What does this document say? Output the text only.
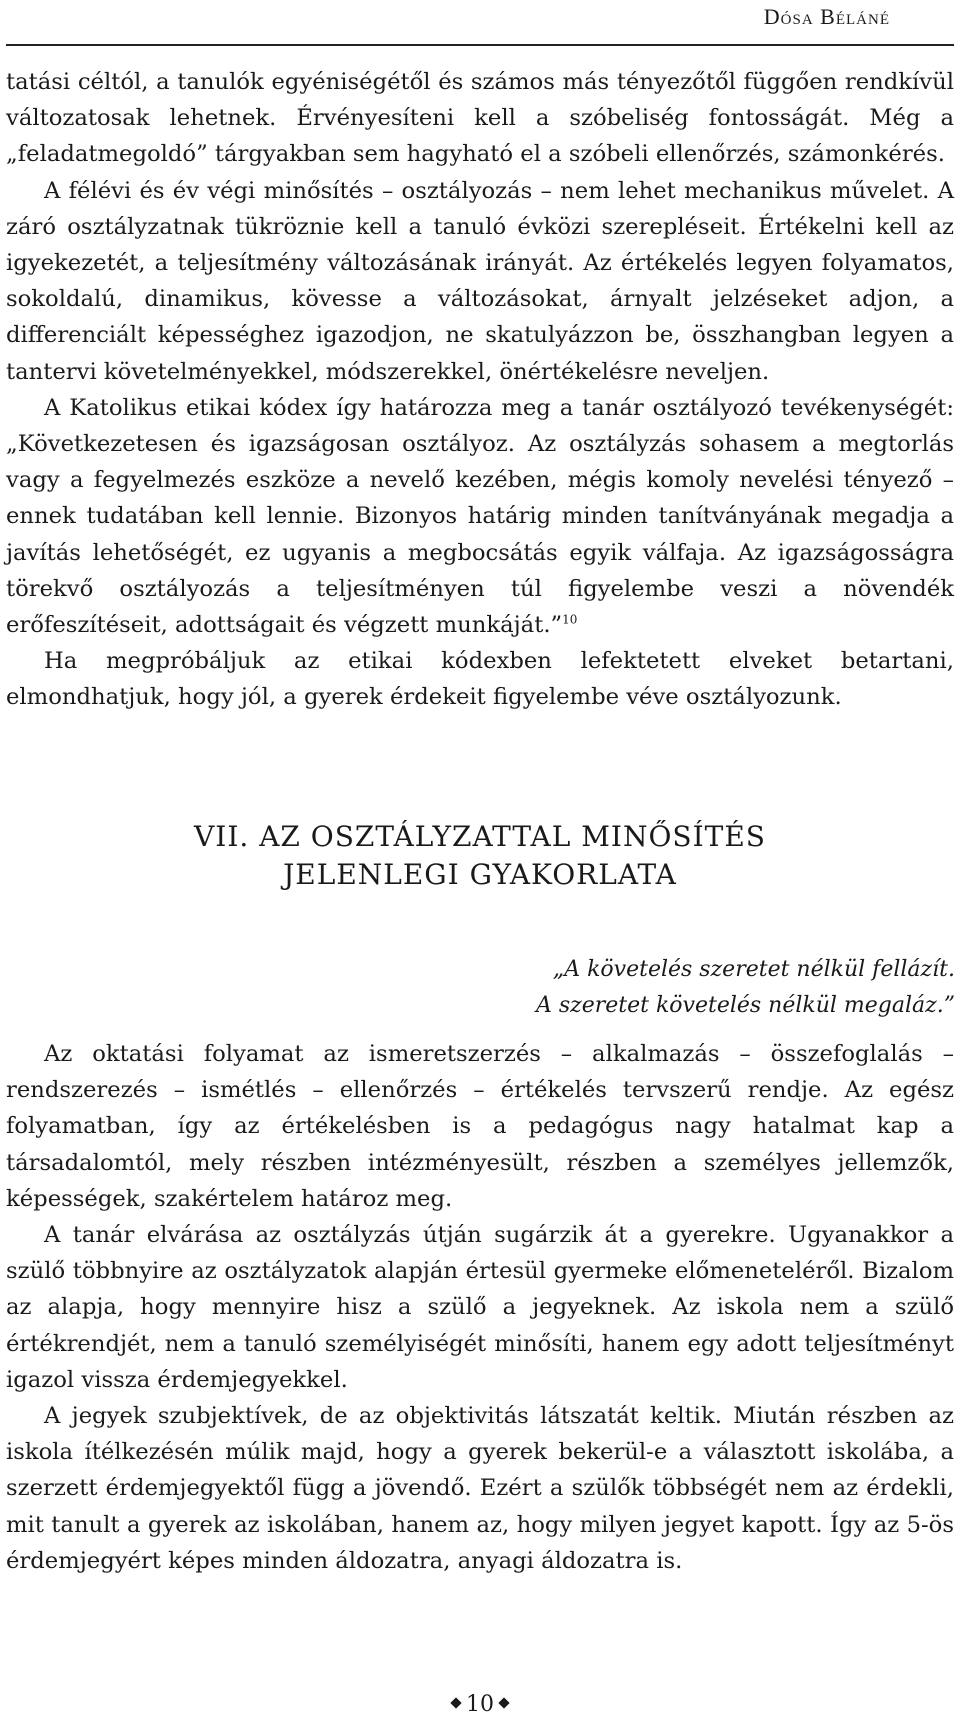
Dósa Béláné

tatási céltól, a tanulók egyéniségétől és számos más tényezőtől függően rendkívül változatosak lehetnek. Érvényesíteni kell a szóbeliség fontosságát. Még a „feladatmegoldó” tárgyakban sem hagyható el a szóbeli ellenőrzés, számonkérés.

A félévi és év végi minősítés – osztályozás – nem lehet mechanikus művelet. A záró osztályzatnak tükröznie kell a tanuló évközi szerepléseit. Értékelni kell az igyekezetét, a teljesítmény változásának irányát. Az értékelés legyen folyamatos, sokoldalú, dinamikus, kövesse a változásokat, árnyalt jelzéseket adjon, a differenciált képességhez igazodjon, ne skatulyázzon be, összhangban legyen a tantervi követelményekkel, módszerekkel, önértékelésre neveljen.

A Katolikus etikai kódex így határozza meg a tanár osztályozó tevékenységét: „Következetesen és igazságosan osztályoz. Az osztályzás sohasem a megtorlás vagy a fegyelmezés eszköze a nevelő kezében, mégis komoly nevelési tényező – ennek tudatában kell lennie. Bizonyos határig minden tanítványának megadja a javítás lehetőségét, ez ugyanis a megbocsátás egyik válfaja. Az igazságosságra törekvő osztályozás a teljesítményen túl figyelembe veszi a növendék erőfeszítéseit, adottságait és végzett munkáját.”$^{10}$

Ha megpróbáljuk az etikai kódexben lefektetett elveket betartani, elmondhatjuk, hogy jól, a gyerek érdekeit figyelembe véve osztályozunk.

VII. AZ OSZTÁLYZATTAL MINŐSÍTÉS
JELENLEGI GYAKORLATA
„A követelés szeretet nélkül fellázít.
A szeretet követelés nélkül megaláz.”

Az oktatási folyamat az ismeretszerzés – alkalmazás – összefoglalás – rendszerezés – ismétlés – ellenőrzés – értékelés tervszerű rendje. Az egész folyamatban, így az értékelésben is a pedagógus nagy hatalmat kap a társadalomtól, mely részben intézményesült, részben a személyes jellemzők, képességek, szakértelem határoz meg.

A tanár elvárása az osztályzás útján sugárzik át a gyerekre. Ugyanakkor a szülő többnyire az osztályzatok alapján értesül gyermeke előmeneteléről. Bizalom az alapja, hogy mennyire hisz a szülő a jegyeknek. Az iskola nem a szülő értékrendjét, nem a tanuló személyiségét minősíti, hanem egy adott teljesítményt igazol vissza érdemjegyekkel.

A jegyek szubjektívek, de az objektivitás látszatát keltik. Miután részben az iskola ítélkezésén múlik majd, hogy a gyerek bekerül-e a választott iskolába, a szerzett érdemjegyektől függ a jövendő. Ezért a szülők többségét nem az érdekli, mit tanult a gyerek az iskolában, hanem az, hogy milyen jegyet kapott. Így az 5-ös érdemjegyért képes minden áldozatra, anyagi áldozatra is.

10
